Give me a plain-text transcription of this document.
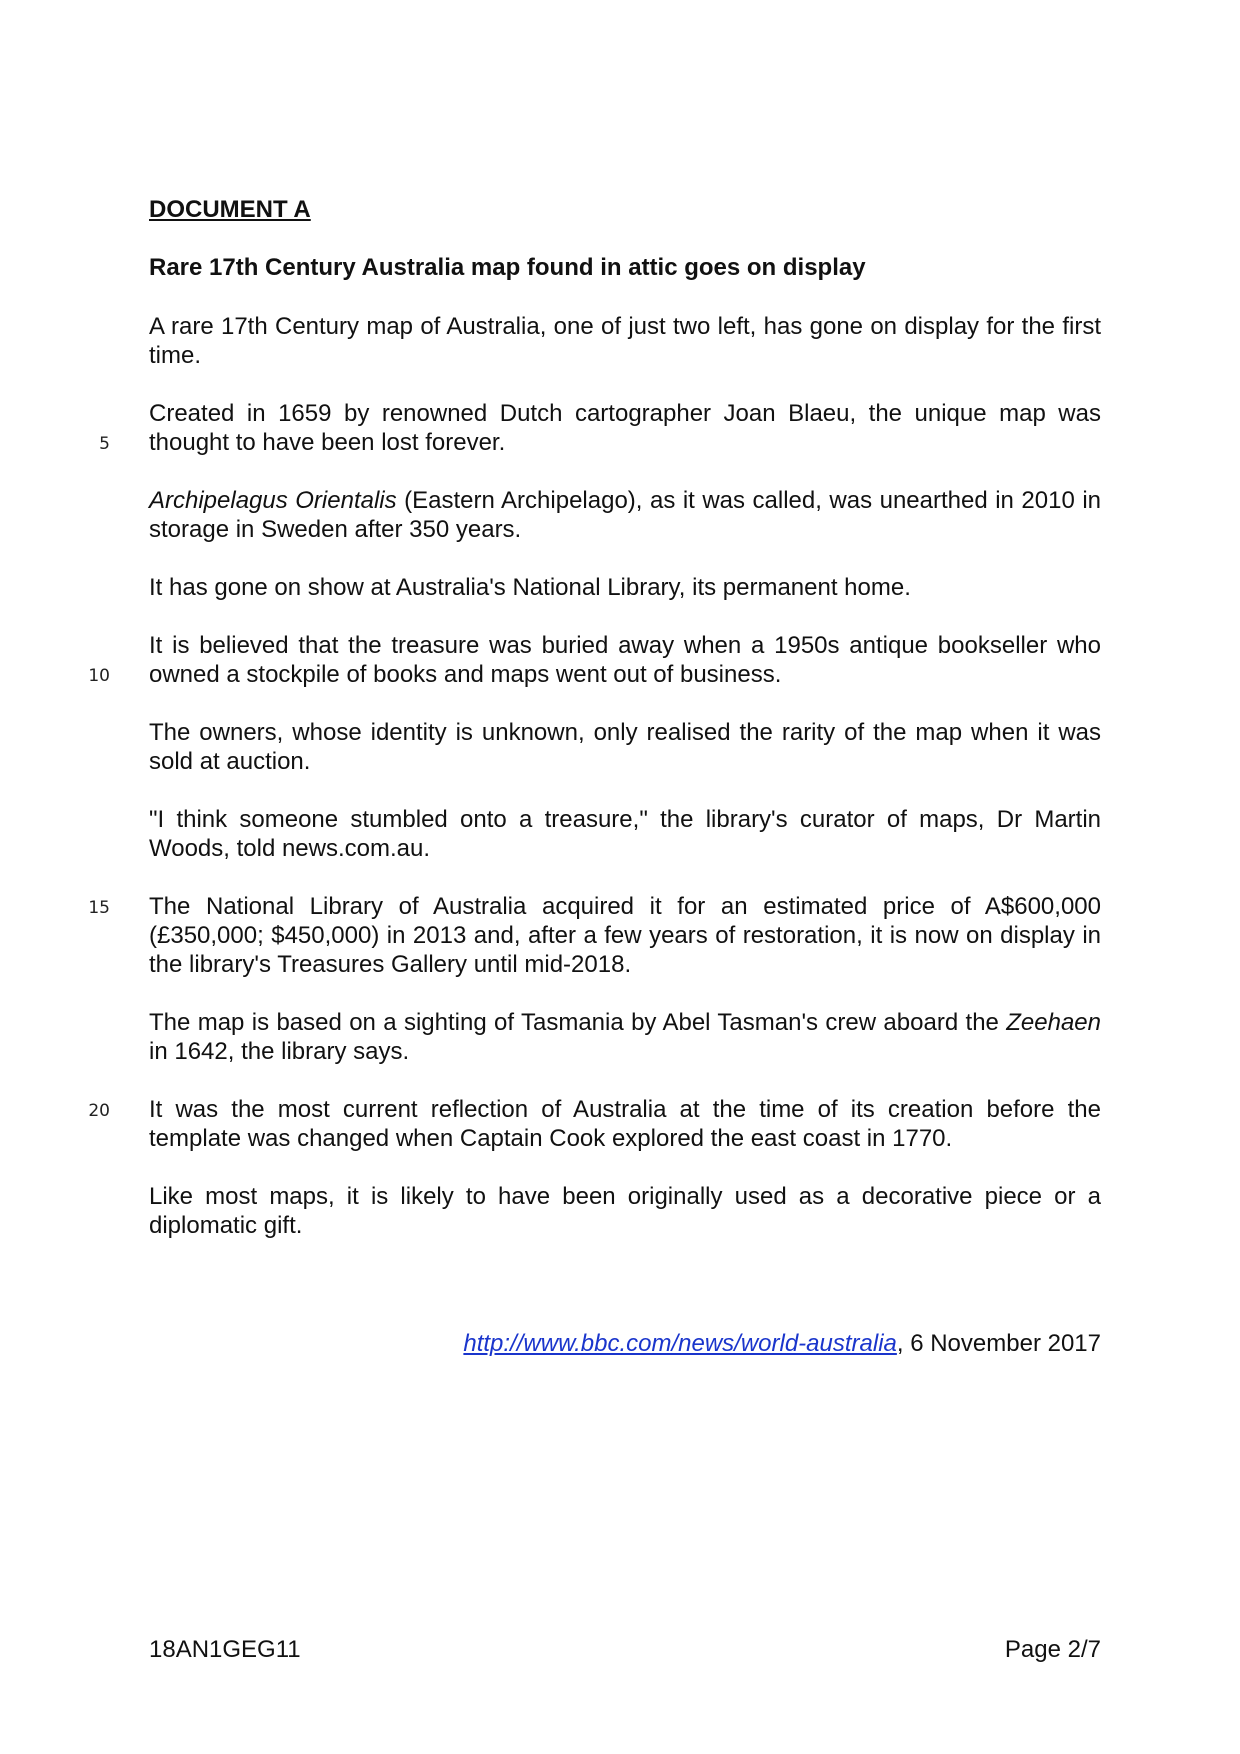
DOCUMENT A

Rare 17th Century Australia map found in attic goes on display

A rare 17th Century map of Australia, one of just two left, has gone on display for the first time.

Created in 1659 by renowned Dutch cartographer Joan Blaeu, the unique map was thought to have been lost forever.

Archipelagus Orientalis (Eastern Archipelago), as it was called, was unearthed in 2010 in storage in Sweden after 350 years.

It has gone on show at Australia's National Library, its permanent home.

It is believed that the treasure was buried away when a 1950s antique bookseller who owned a stockpile of books and maps went out of business.

The owners, whose identity is unknown, only realised the rarity of the map when it was sold at auction.

"I think someone stumbled onto a treasure," the library's curator of maps, Dr Martin Woods, told news.com.au.

The National Library of Australia acquired it for an estimated price of A$600,000 (£350,000; $450,000) in 2013 and, after a few years of restoration, it is now on display in the library's Treasures Gallery until mid-2018.

The map is based on a sighting of Tasmania by Abel Tasman's crew aboard the Zeehaen in 1642, the library says.

It was the most current reflection of Australia at the time of its creation before the template was changed when Captain Cook explored the east coast in 1770.

Like most maps, it is likely to have been originally used as a decorative piece or a diplomatic gift.

5
10
15
20

http://www.bbc.com/news/world-australia, 6 November 2017

18AN1GEG11	Page 2/7
